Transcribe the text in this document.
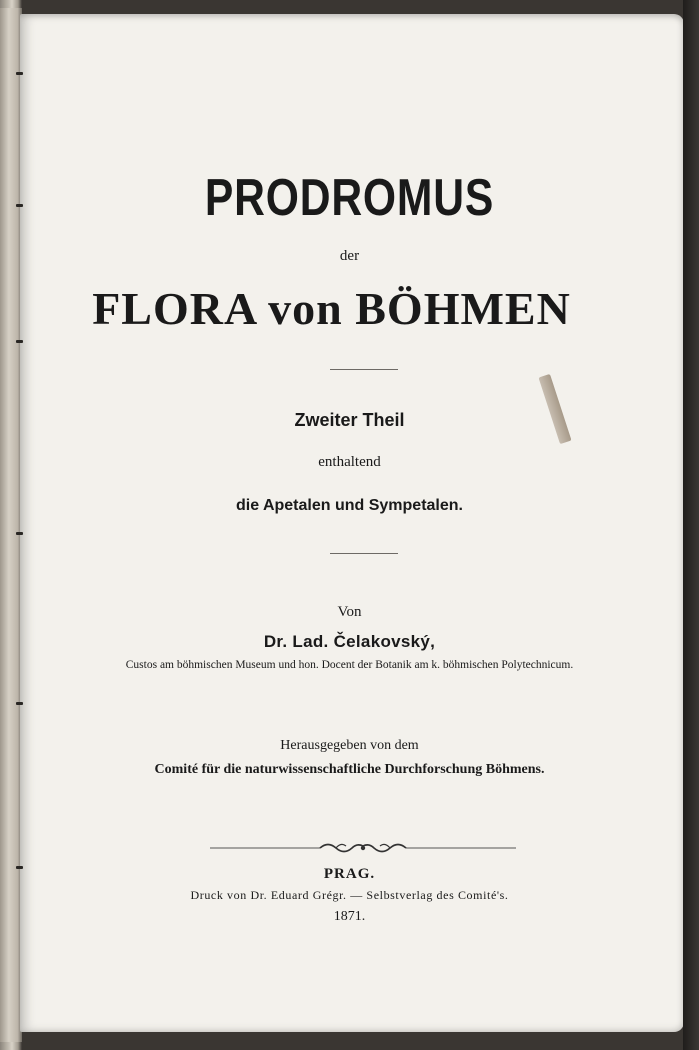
PRODROMUS

der

FLORA von BÖHMEN

Zweiter Theil

enthaltend

die Apetalen und Sympetalen.

Von

Dr. Lad. Čelakovský,

Custos am böhmischen Museum und hon. Docent der Botanik am k. böhmischen Polytechnicum.

Herausgegeben von dem

Comité für die naturwissenschaftliche Durchforschung Böhmens.

PRAG.

Druck von Dr. Eduard Grégr. — Selbstverlag des Comité's.

1871.
